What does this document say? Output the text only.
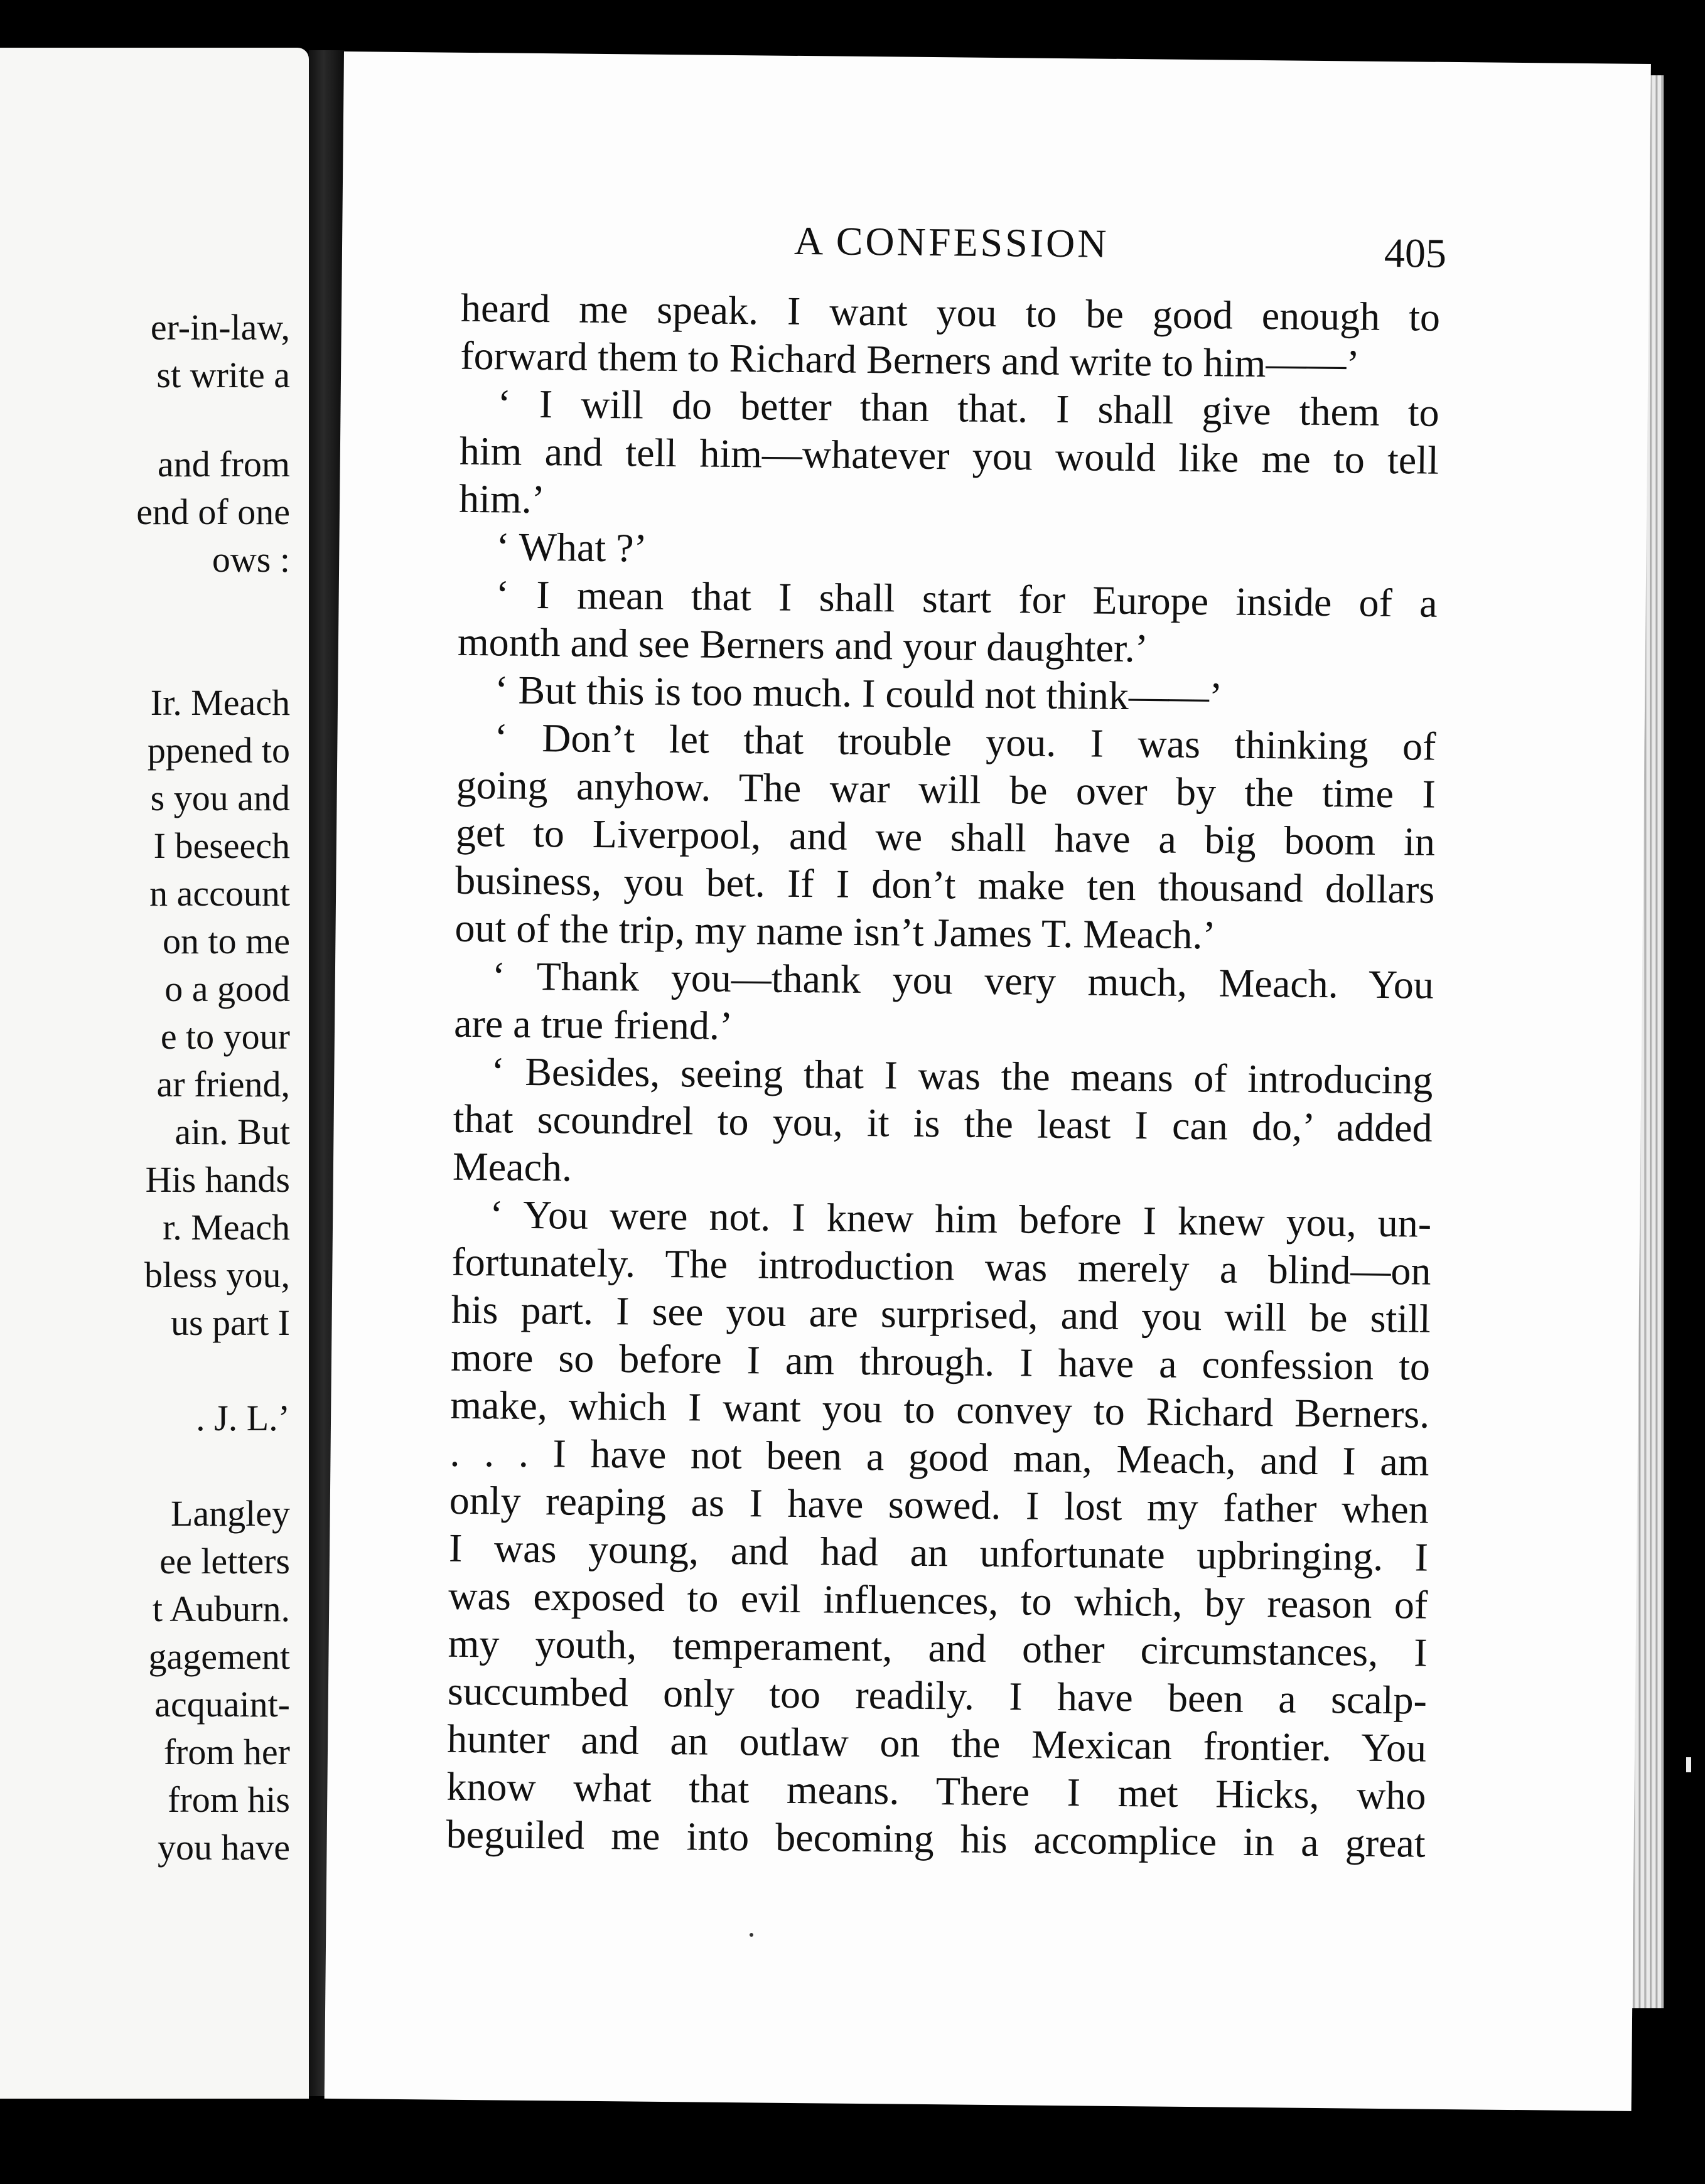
er-in-law,
st write a
and from
end of one
ows :
Ir. Meach
ppened to
s you and
I beseech
n account
on to me
o a good
e to your
ar friend,
ain. But
His hands
r. Meach
bless you,
us part I
. J. L.’
Langley
ee letters
t Auburn.
gagement
acquaint-
from her
from his
you have
A CONFESSION	405
heard me speak. I want you to be good enough to
forward them to Richard Berners and write to him——’
‘ I will do better than that. I shall give them to
him and tell him—whatever you would like me to tell
him.’
‘ What ?’
‘ I mean that I shall start for Europe inside of a
month and see Berners and your daughter.’
‘ But this is too much. I could not think——’
‘ Don’t let that trouble you. I was thinking of
going anyhow. The war will be over by the time I
get to Liverpool, and we shall have a big boom in
business, you bet. If I don’t make ten thousand dollars
out of the trip, my name isn’t James T. Meach.’
‘ Thank you—thank you very much, Meach. You
are a true friend.’
‘ Besides, seeing that I was the means of introducing
that scoundrel to you, it is the least I can do,’ added
Meach.
‘ You were not. I knew him before I knew you, un-
fortunately. The introduction was merely a blind—on
his part. I see you are surprised, and you will be still
more so before I am through. I have a confession to
make, which I want you to convey to Richard Berners.
. . . I have not been a good man, Meach, and I am
only reaping as I have sowed. I lost my father when
I was young, and had an unfortunate upbringing. I
was exposed to evil influences, to which, by reason of
my youth, temperament, and other circumstances, I
succumbed only too readily. I have been a scalp-
hunter and an outlaw on the Mexican frontier. You
know what that means. There I met Hicks, who
beguiled me into becoming his accomplice in a great
